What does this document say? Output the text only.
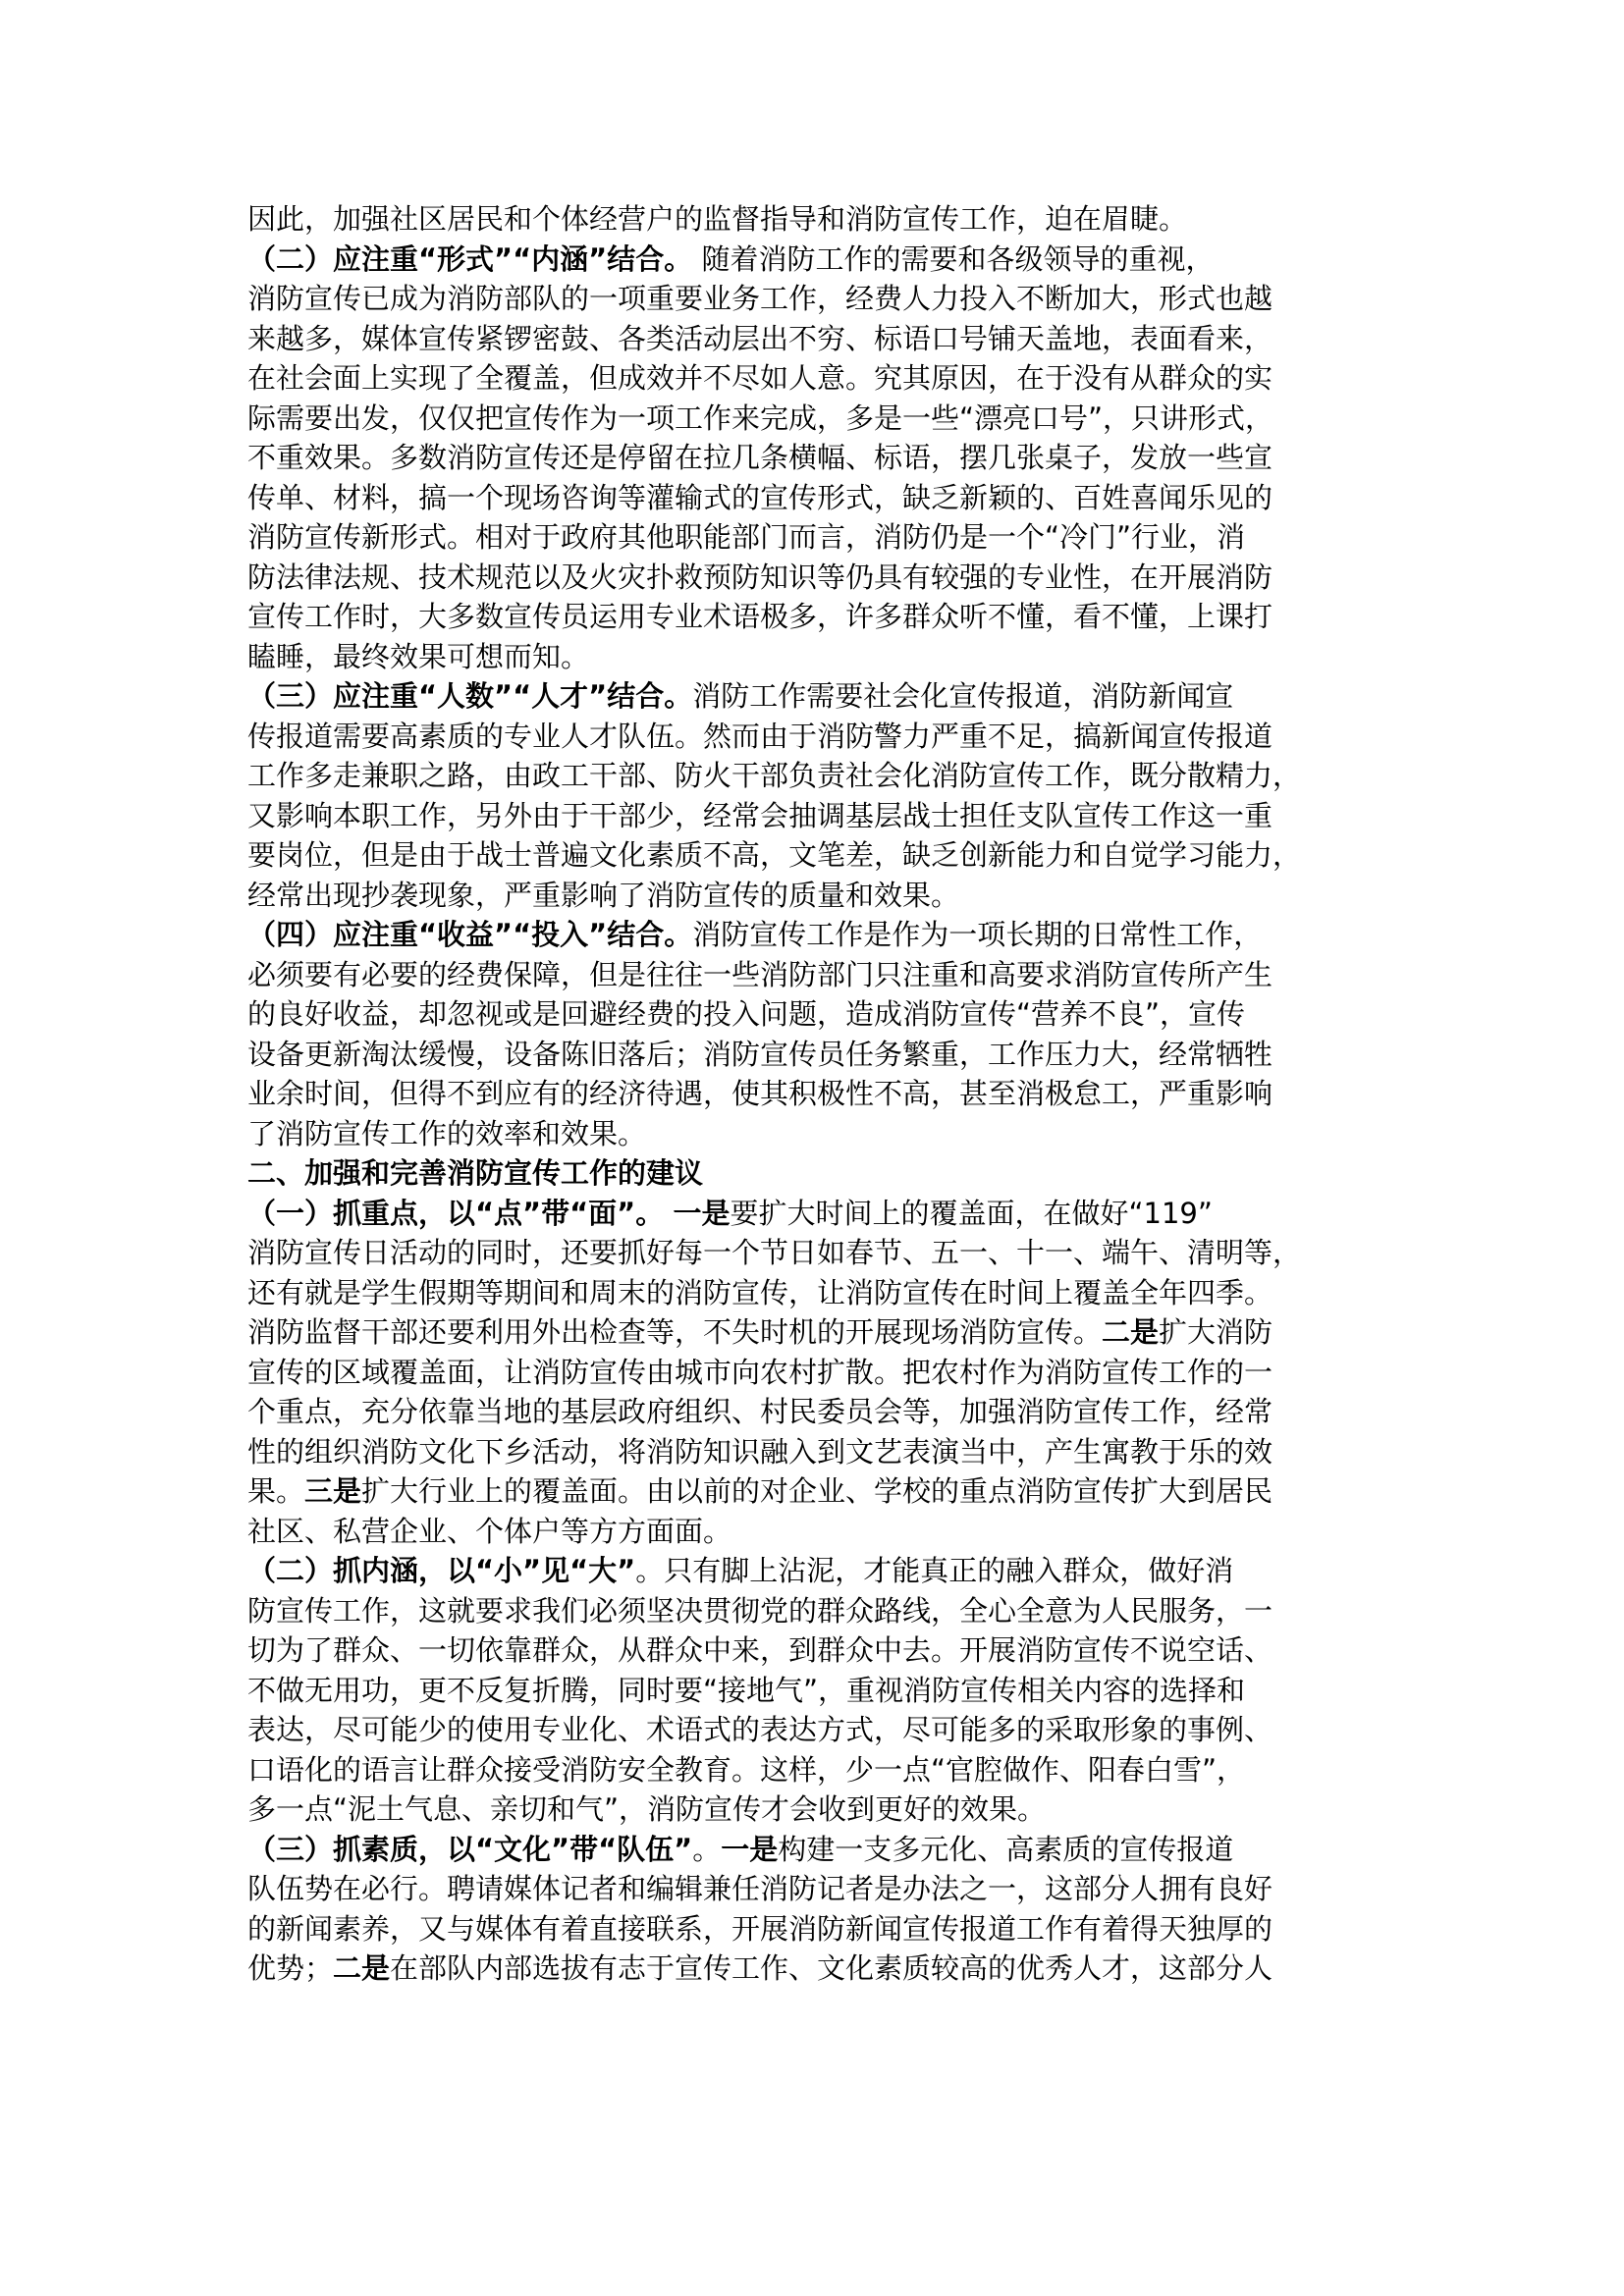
因此，加强社区居民和个体经营户的监督指导和消防宣传工作，迫在眉睫。
（二）应注重“形式”“内涵”结合。 随着消防工作的需要和各级领导的重视，
消防宣传已成为消防部队的一项重要业务工作，经费人力投入不断加大，形式也越
来越多，媒体宣传紧锣密鼓、各类活动层出不穷、标语口号铺天盖地，表面看来，
在社会面上实现了全覆盖，但成效并不尽如人意。究其原因，在于没有从群众的实
际需要出发，仅仅把宣传作为一项工作来完成，多是一些“漂亮口号”，只讲形式，
不重效果。多数消防宣传还是停留在拉几条横幅、标语，摆几张桌子，发放一些宣
传单、材料，搞一个现场咨询等灌输式的宣传形式，缺乏新颖的、百姓喜闻乐见的
消防宣传新形式。相对于政府其他职能部门而言，消防仍是一个“冷门”行业，消
防法律法规、技术规范以及火灾扑救预防知识等仍具有较强的专业性，在开展消防
宣传工作时，大多数宣传员运用专业术语极多，许多群众听不懂，看不懂，上课打
瞌睡，最终效果可想而知。
（三）应注重“人数”“人才”结合。消防工作需要社会化宣传报道，消防新闻宣
传报道需要高素质的专业人才队伍。然而由于消防警力严重不足，搞新闻宣传报道
工作多走兼职之路，由政工干部、防火干部负责社会化消防宣传工作，既分散精力，
又影响本职工作，另外由于干部少，经常会抽调基层战士担任支队宣传工作这一重
要岗位，但是由于战士普遍文化素质不高，文笔差，缺乏创新能力和自觉学习能力，
经常出现抄袭现象，严重影响了消防宣传的质量和效果。
（四）应注重“收益”“投入”结合。消防宣传工作是作为一项长期的日常性工作，
必须要有必要的经费保障，但是往往一些消防部门只注重和高要求消防宣传所产生
的良好收益，却忽视或是回避经费的投入问题，造成消防宣传“营养不良”，宣传
设备更新淘汰缓慢，设备陈旧落后；消防宣传员任务繁重，工作压力大，经常牺牲
业余时间，但得不到应有的经济待遇，使其积极性不高，甚至消极怠工，严重影响
了消防宣传工作的效率和效果。
二、加强和完善消防宣传工作的建议
（一）抓重点，以“点”带“面”。 一是要扩大时间上的覆盖面，在做好“119”
消防宣传日活动的同时，还要抓好每一个节日如春节、五一、十一、端午、清明等，
还有就是学生假期等期间和周末的消防宣传，让消防宣传在时间上覆盖全年四季。
消防监督干部还要利用外出检查等，不失时机的开展现场消防宣传。二是扩大消防
宣传的区域覆盖面，让消防宣传由城市向农村扩散。把农村作为消防宣传工作的一
个重点，充分依靠当地的基层政府组织、村民委员会等，加强消防宣传工作，经常
性的组织消防文化下乡活动，将消防知识融入到文艺表演当中，产生寓教于乐的效
果。三是扩大行业上的覆盖面。由以前的对企业、学校的重点消防宣传扩大到居民
社区、私营企业、个体户等方方面面。
（二）抓内涵，以“小”见“大”。只有脚上沾泥，才能真正的融入群众，做好消
防宣传工作，这就要求我们必须坚决贯彻党的群众路线，全心全意为人民服务，一
切为了群众、一切依靠群众，从群众中来，到群众中去。开展消防宣传不说空话、
不做无用功，更不反复折腾，同时要“接地气”，重视消防宣传相关内容的选择和
表达，尽可能少的使用专业化、术语式的表达方式，尽可能多的采取形象的事例、
口语化的语言让群众接受消防安全教育。这样，少一点“官腔做作、阳春白雪”，
多一点“泥土气息、亲切和气”，消防宣传才会收到更好的效果。
（三）抓素质，以“文化”带“队伍”。一是构建一支多元化、高素质的宣传报道
队伍势在必行。聘请媒体记者和编辑兼任消防记者是办法之一，这部分人拥有良好
的新闻素养，又与媒体有着直接联系，开展消防新闻宣传报道工作有着得天独厚的
优势；二是在部队内部选拔有志于宣传工作、文化素质较高的优秀人才，这部分人
